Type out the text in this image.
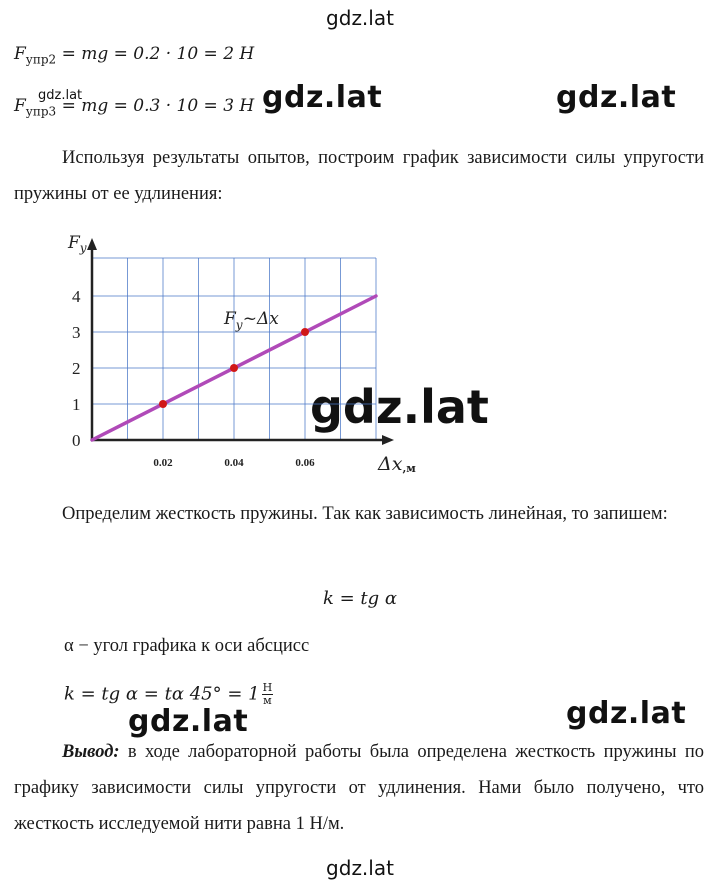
gdz.lat
gdz.lat	gdz.lat	gdz.lat
gdz.lat
gdz.lat	gdz.lat
gdz.lat
$F_{упр2}$ = mg = 0.2 · 10 = 2 H
$F_{упр3}$ = mg = 0.3 · 10 = 3 H
Используя результаты опытов, построим график зависимости силы упругости пружины от ее удлинения:
0
1
2
3
4
0.02	0.04	0.06
$F_у$
Δx,м
$F_у\sim\Delta x$
Определим жесткость пружины. Так как зависимость линейная, то запишем:
k = tg α
α − угол графика к оси абсцисс
k = tg α = tα $45^\circ = 1 \frac{Н}{м}$
Вывод: в ходе лабораторной работы была определена жесткость пружины по графику зависимости силы упругости от удлинения. Нами было получено, что жесткость исследуемой нити равна 1 Н/м.
